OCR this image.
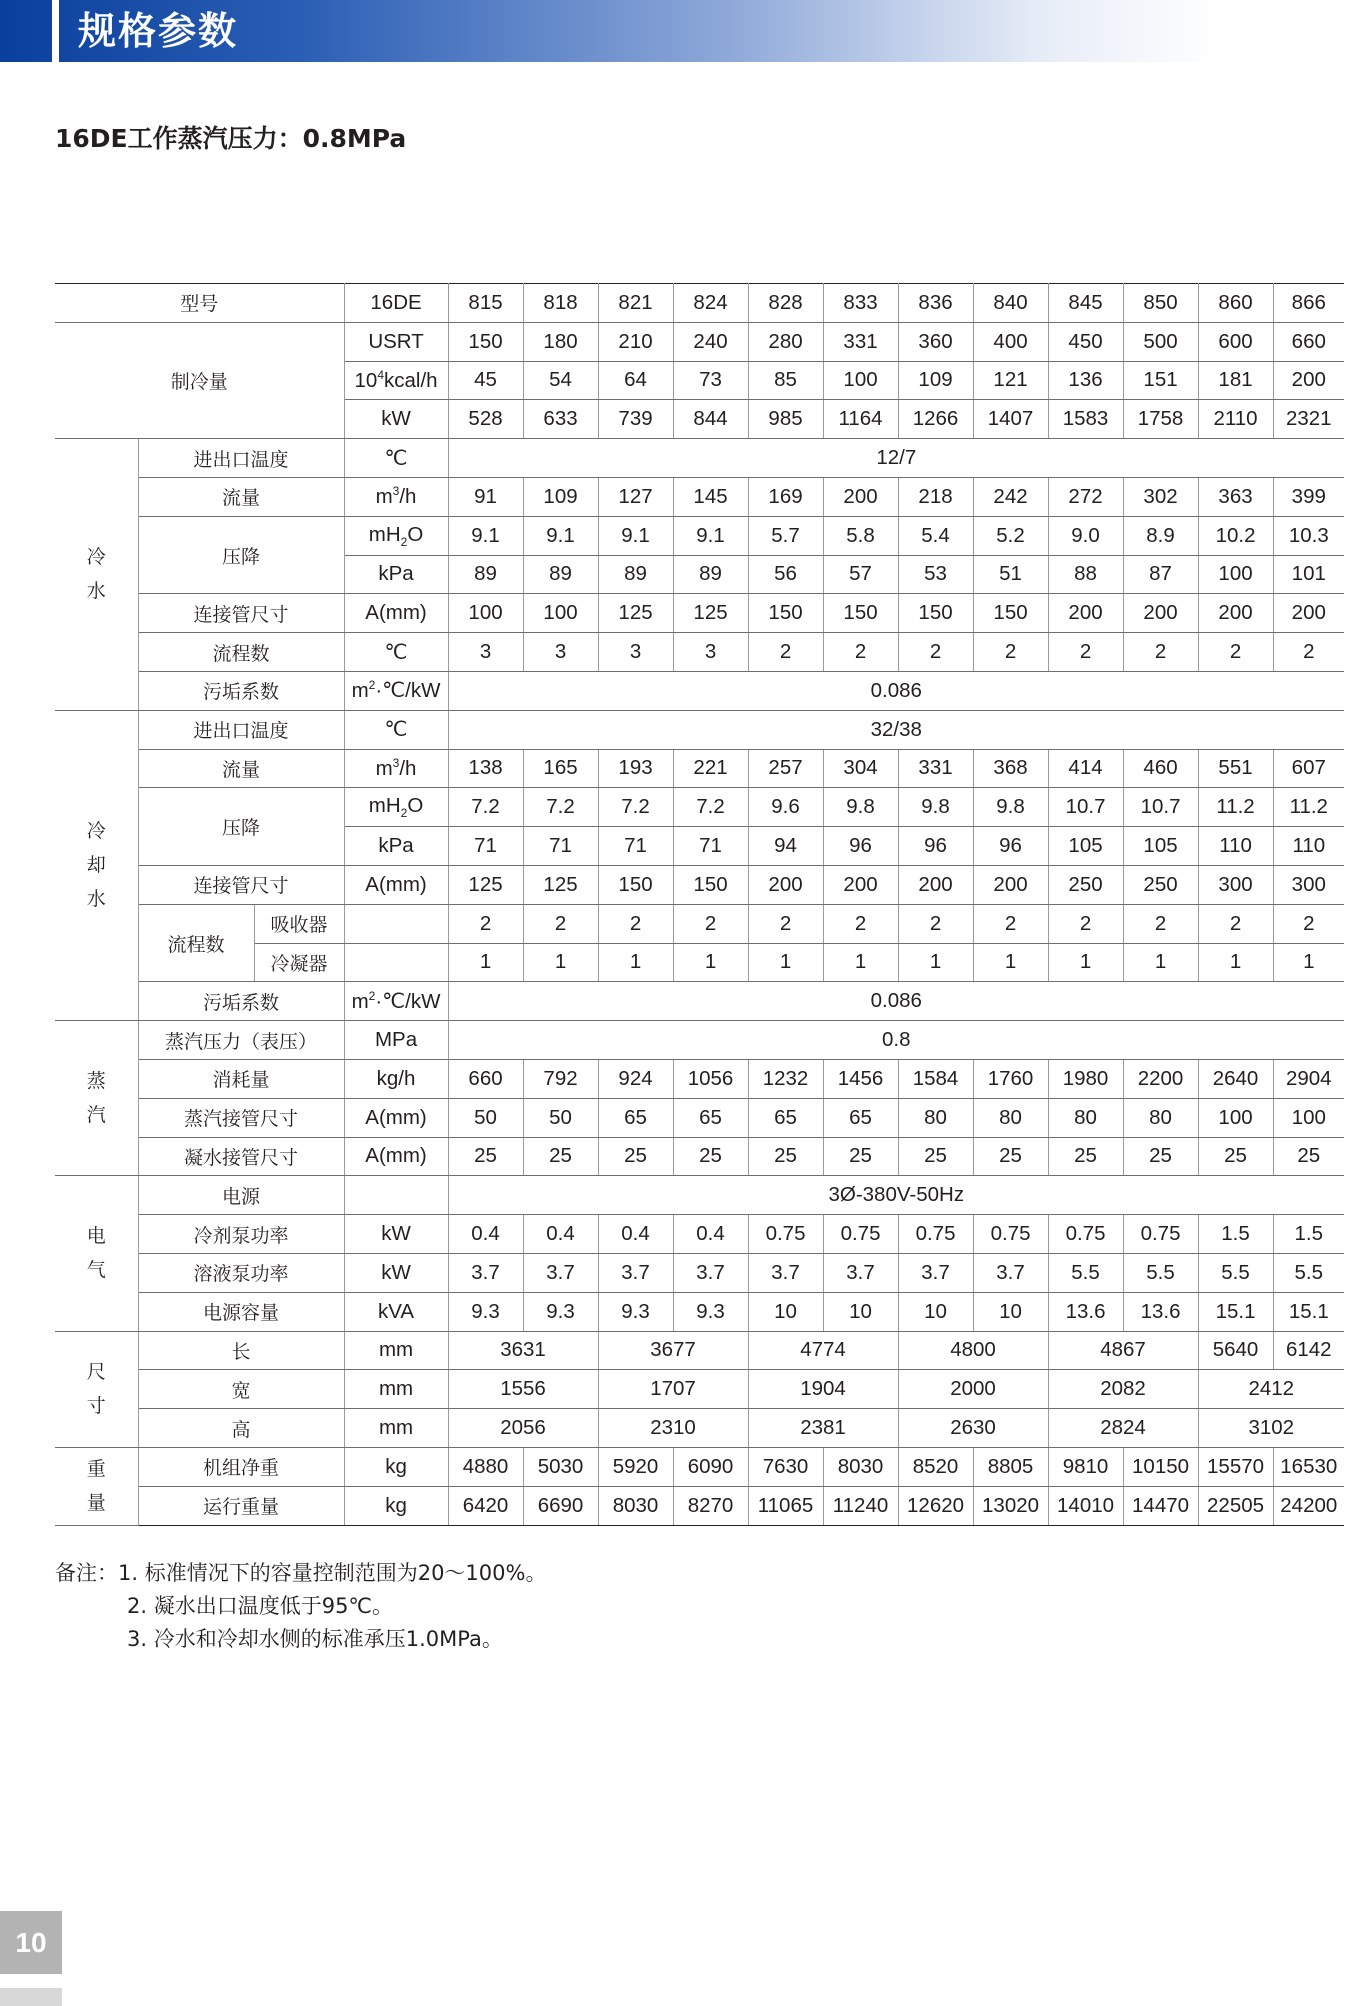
规格参数
16DE工作蒸汽压力：0.8MPa
型号			16DE	815	818	821	824	828	833	836	840	845	850	860	866
制冷量			USRT	150	180	210	240	280	331	360	400	450	500	600	660
			$10^4kcal/h$	45	54	64	73	85	100	109	121	136	151	181	200
			kW	528	633	739	844	985	1164	1266	1407	1583	1758	2110	2321

冷
水	进出口温度		℃	12/7											
	流量		$m^3/h$	91	109	127	145	169	200	218	242	272	302	363	399
	压降		$mH_2O$	9.1	9.1	9.1	9.1	5.7	5.8	5.4	5.2	9.0	8.9	10.2	10.3
			kPa	89	89	89	89	56	57	53	51	88	87	100	101
	连接管尺寸		A(mm)	100	100	125	125	150	150	150	150	200	200	200	200
	流程数		℃	3	3	3	3	2	2	2	2	2	2	2	2
	污垢系数		$m^2\cdot℃/kW$	0.086											

冷
却
水	进出口温度		℃	32/38											
	流量		$m^3/h$	138	165	193	221	257	304	331	368	414	460	551	607
	压降		$mH_2O$	7.2	7.2	7.2	7.2	9.6	9.8	9.8	9.8	10.7	10.7	11.2	11.2
			kPa	71	71	71	71	94	96	96	96	105	105	110	110
	连接管尺寸		A(mm)	125	125	150	150	200	200	200	200	250	250	300	300
	流程数	吸收器		2	2	2	2	2	2	2	2	2	2	2	2
		冷凝器		1	1	1	1	1	1	1	1	1	1	1	1
	污垢系数		$m^2\cdot℃/kW$	0.086											

蒸
汽	蒸汽压力（表压）		MPa	0.8											
	消耗量		kg/h	660	792	924	1056	1232	1456	1584	1760	1980	2200	2640	2904
	蒸汽接管尺寸		A(mm)	50	50	65	65	65	65	80	80	80	80	100	100
	凝水接管尺寸		A(mm)	25	25	25	25	25	25	25	25	25	25	25	25

电
气	电源			3Ø-380V-50Hz											
	冷剂泵功率		kW	0.4	0.4	0.4	0.4	0.75	0.75	0.75	0.75	0.75	0.75	1.5	1.5
	溶液泵功率		kW	3.7	3.7	3.7	3.7	3.7	3.7	3.7	3.7	5.5	5.5	5.5	5.5
	电源容量		kVA	9.3	9.3	9.3	9.3	10	10	10	10	13.6	13.6	15.1	15.1

尺
寸	长		mm	3631		3677		4774		4800		4867		5640	6142
	宽		mm	1556		1707		1904		2000		2082		2412	
	高		mm	2056		2310		2381		2630		2824		3102	

重
量	机组净重		kg	4880	5030	5920	6090	7630	8030	8520	8805	9810	10150	15570	16530
	运行重量		kg	6420	6690	8030	8270	11065	11240	12620	13020	14010	14470	22505	24200
备注：1. 标准情况下的容量控制范围为20～100%。
2. 凝水出口温度低于95℃。
3. 冷水和冷却水侧的标准承压1.0MPa。
10
